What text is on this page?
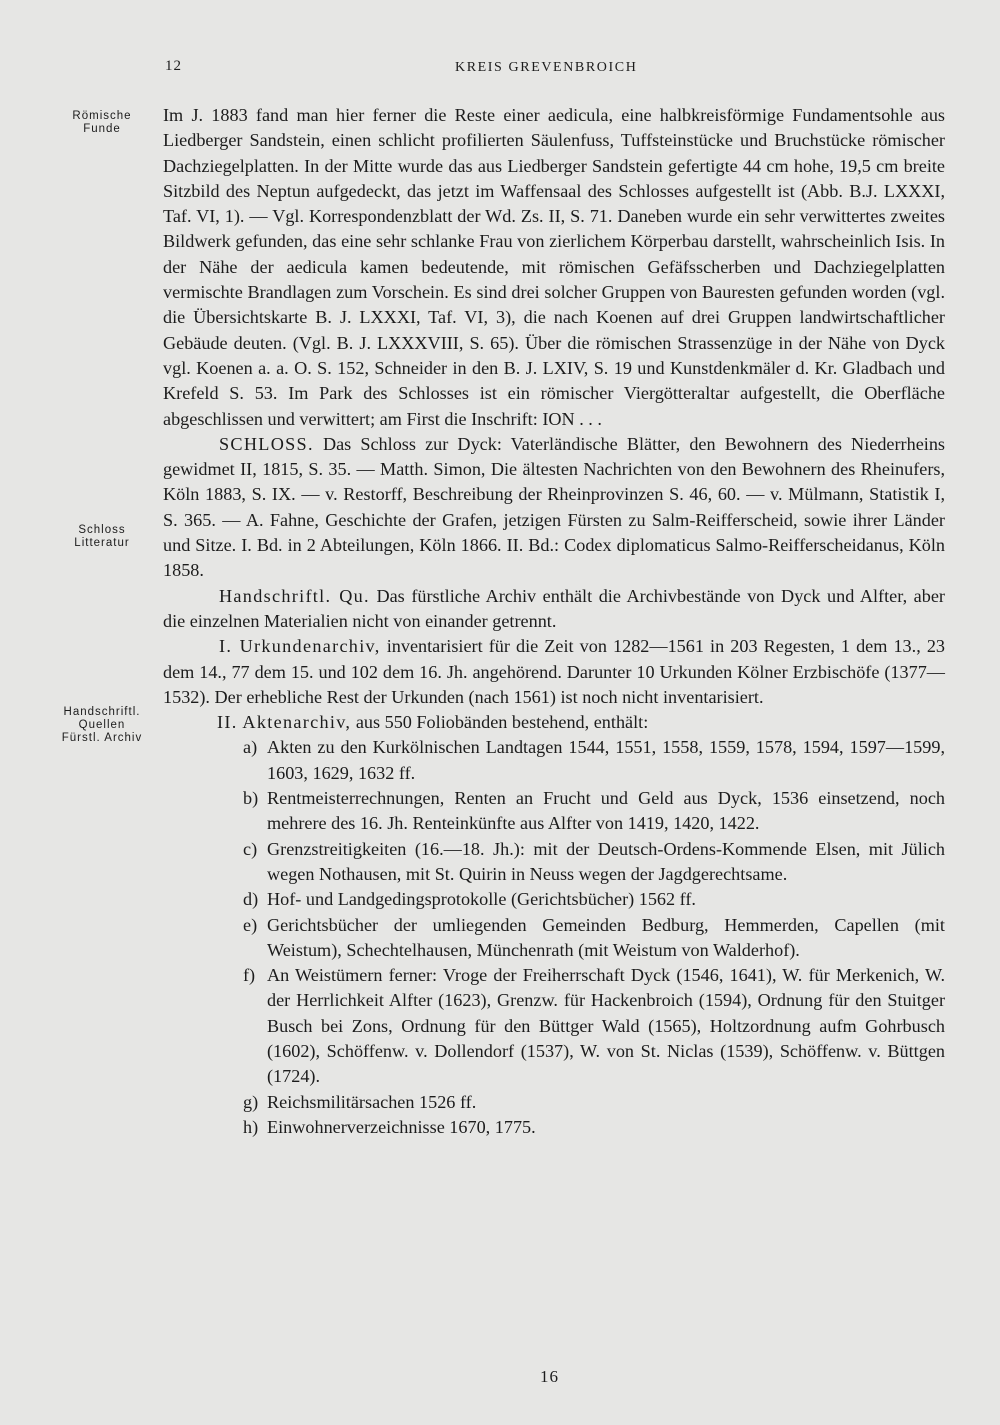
12	KREIS GREVENBROICH
Römische
Funde
Schloss
Litteratur
Handschriftl.
Quellen
Fürstl. Archiv

Im J. 1883 fand man hier ferner die Reste einer aedicula, eine halbkreisförmige Fundamentsohle aus Liedberger Sandstein, einen schlicht profilierten Säulenfuss, Tuffsteinstücke und Bruchstücke römischer Dachziegelplatten. In der Mitte wurde das aus Liedberger Sandstein gefertigte 44 cm hohe, 19,5 cm breite Sitzbild des Neptun aufgedeckt, das jetzt im Waffensaal des Schlosses aufgestellt ist (Abb. B.J. LXXXI, Taf. VI, 1). — Vgl. Korrespondenzblatt der Wd. Zs. II, S. 71. Daneben wurde ein sehr verwittertes zweites Bildwerk gefunden, das eine sehr schlanke Frau von zierlichem Körperbau darstellt, wahrscheinlich Isis. In der Nähe der aedicula kamen bedeutende, mit römischen Gefäfsscherben und Dachziegelplatten vermischte Brandlagen zum Vorschein. Es sind drei solcher Gruppen von Bauresten gefunden worden (vgl. die Übersichtskarte B. J. LXXXI, Taf. VI, 3), die nach Koenen auf drei Gruppen landwirtschaftlicher Gebäude deuten. (Vgl. B. J. LXXXVIII, S. 65). Über die römischen Strassenzüge in der Nähe von Dyck vgl. Koenen a. a. O. S. 152, Schneider in den B. J. LXIV, S. 19 und Kunstdenkmäler d. Kr. Gladbach und Krefeld S. 53. Im Park des Schlosses ist ein römischer Viergötteraltar aufgestellt, die Oberfläche abgeschlissen und verwittert; am First die Inschrift: ION . . .

SCHLOSS. Das Schloss zur Dyck: Vaterländische Blätter, den Bewohnern des Niederrheins gewidmet II, 1815, S. 35. — Matth. Simon, Die ältesten Nachrichten von den Bewohnern des Rheinufers, Köln 1883, S. IX. — v. Restorff, Beschreibung der Rheinprovinzen S. 46, 60. — v. Mülmann, Statistik I, S. 365. — A. Fahne, Geschichte der Grafen, jetzigen Fürsten zu Salm-Reifferscheid, sowie ihrer Länder und Sitze. I. Bd. in 2 Abteilungen, Köln 1866. II. Bd.: Codex diplomaticus Salmo-Reifferscheidanus, Köln 1858.

Handschriftl. Qu. Das fürstliche Archiv enthält die Archivbestände von Dyck und Alfter, aber die einzelnen Materialien nicht von einander getrennt.

I. Urkundenarchiv, inventarisiert für die Zeit von 1282—1561 in 203 Regesten, 1 dem 13., 23 dem 14., 77 dem 15. und 102 dem 16. Jh. angehörend. Darunter 10 Urkunden Kölner Erzbischöfe (1377—1532). Der erhebliche Rest der Urkunden (nach 1561) ist noch nicht inventarisiert.

II. Aktenarchiv, aus 550 Foliobänden bestehend, enthält:

a) Akten zu den Kurkölnischen Landtagen 1544, 1551, 1558, 1559, 1578, 1594, 1597—1599, 1603, 1629, 1632 ff.
b) Rentmeisterrechnungen, Renten an Frucht und Geld aus Dyck, 1536 einsetzend, noch mehrere des 16. Jh. Renteinkünfte aus Alfter von 1419, 1420, 1422.
c) Grenzstreitigkeiten (16.—18. Jh.): mit der Deutsch-Ordens-Kommende Elsen, mit Jülich wegen Nothausen, mit St. Quirin in Neuss wegen der Jagdgerechtsame.
d) Hof- und Landgedingsprotokolle (Gerichtsbücher) 1562 ff.
e) Gerichtsbücher der umliegenden Gemeinden Bedburg, Hemmerden, Capellen (mit Weistum), Schechtelhausen, Münchenrath (mit Weistum von Walderhof).
f) An Weistümern ferner: Vroge der Freiherrschaft Dyck (1546, 1641), W. für Merkenich, W. der Herrlichkeit Alfter (1623), Grenzw. für Hackenbroich (1594), Ordnung für den Stuitger Busch bei Zons, Ordnung für den Büttger Wald (1565), Holtzordnung aufm Gohrbusch (1602), Schöffenw. v. Dollendorf (1537), W. von St. Niclas (1539), Schöffenw. v. Büttgen (1724).
g) Reichsmilitärsachen 1526 ff.
h) Einwohnerverzeichnisse 1670, 1775.
16
